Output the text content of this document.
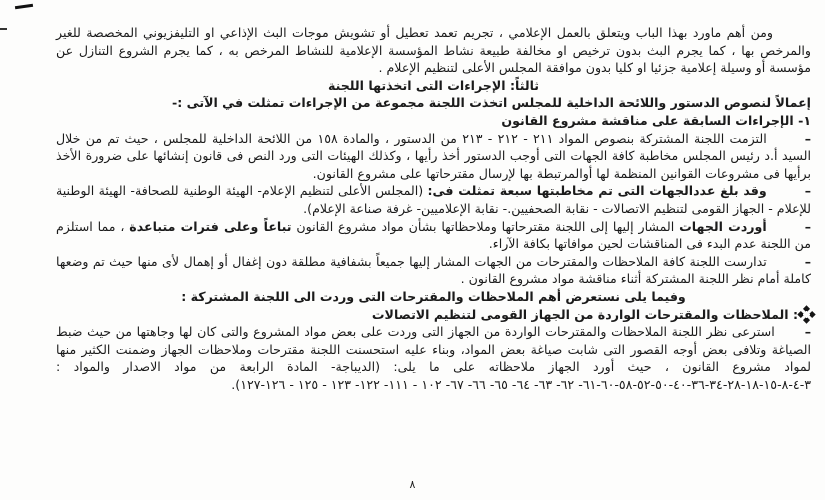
ومن أهم ماورد بهذا الباب ويتعلق بالعمل الإعلامي ، تجريم تعمد تعطيل أو تشويش موجات البث الإذاعي او التليفزيوني المخصصة للغير والمرخص بها ، كما يجرم البث بدون ترخيص او مخالفة طبيعة نشاط المؤسسة الإعلامية للنشاط المرخص به ، كما يجرم الشروع التنازل عن مؤسسة أو وسيلة إعلامية جزئيا او كليا بدون موافقة المجلس الأعلى لتنظيم الإعلام .

ثالثاً: الإجراءات التى اتخذتها اللجنة

إعمالاً لنصوص الدستور واللائحة الداخلية للمجلس اتخذت اللجنة مجموعة من الإجراءات تمثلت في الآتى :-

١- الإجراءات السابقة على مناقشة مشروع القانون

–التزمت اللجنة المشتركة بنصوص المواد ٢١١ - ٢١٢ - ٢١٣ من الدستور ، والمادة ١٥٨ من اللائحة الداخلية للمجلس ، حيث تم من خلال السيد أ.د رئيس المجلس مخاطبة كافة الجهات التى أوجب الدستور أخذ رأيها ، وكذلك الهيئات التى ورد النص فى قانون إنشائها على ضرورة الأخذ برأيها فى مشروعات القوانين المنظمة لها أوالمرتبطة بها لإرسال مقترحاتها على مشروع القانون.

–وقد بلغ عددالجهات التى تم مخاطبتها سبعة تمثلت فى: (المجلس الأعلى لتنظيم الإعلام- الهيئة الوطنية للصحافة- الهيئة الوطنية للإعلام - الجهاز القومى لتنظيم الاتصالات - نقابة الصحفيين.- نقابة الإعلاميين- غرفة صناعة الإعلام).

–أوردت الجهات المشار إليها إلى اللجنة مقترحاتها وملاحظاتها بشأن مواد مشروع القانون تباعاً وعلى فترات متباعدة ، مما استلزم من اللجنة عدم البدء فى المناقشات لحين موافاتها بكافة الآراء.

–تدارست اللجنة كافة الملاحظات والمقترحات من الجهات المشار إليها جميعاً بشفافية مطلقة دون إغفال أو إهمال لأى منها حيث تم وضعها كاملة أمام نظر اللجنة المشتركة أثناء مناقشة مواد مشروع القانون .

وفيما يلى نستعرض أهم الملاحظات والمقترحات التى وردت الى اللجنة المشتركة :

: الملاحظات والمقترحات الواردة من الجهاز القومى لتنظيم الاتصالات

–استرعى نظر اللجنة الملاحظات والمقترحات الواردة من الجهاز التى وردت على بعض مواد المشروع والتى كان لها وجاهتها من حيث ضبط الصياغة وتلافى بعض أوجه القصور التى شابت صياغة بعض المواد، وبناء عليه استحسنت اللجنة مقترحات وملاحظات الجهاز وضمنت الكثير منها لمواد مشروع القانون ، حيث أورد الجهاز ملاحظاته على ما يلى: (الديباجة- المادة الرابعة من مواد الاصدار والمواد : ٣-٤-٨-١٥-١٨-٢٨-٣٤-٣٦-٤٠-٥٠-٥٢-٥٨-٦٠-٦١- ٦٢- ٦٣- ٦٤- ٦٥- ٦٦- ٦٧- ١٠٢ - ١١١- ١٢٢- ١٢٣ - ١٢٥ - ١٢٦-١٢٧).

٨
